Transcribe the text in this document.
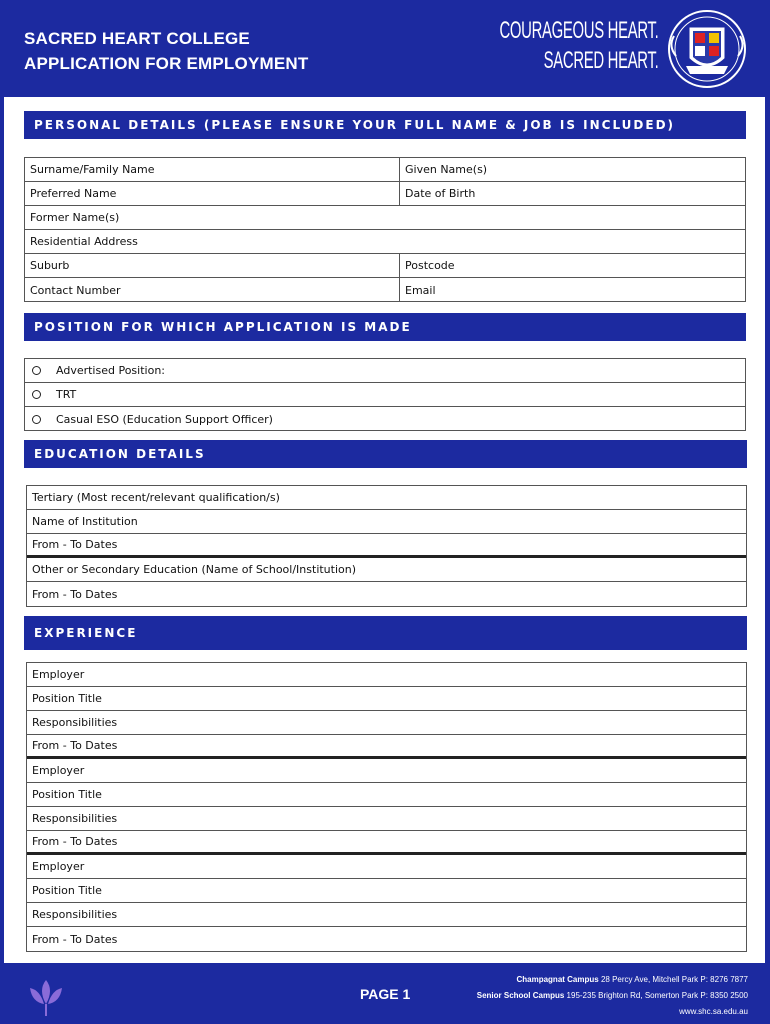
SACRED HEART COLLEGE
APPLICATION FOR EMPLOYMENT
COURAGEOUS HEART.
SACRED HEART.
PERSONAL DETAILS (PLEASE ENSURE YOUR FULL NAME & JOB IS INCLUDED)
Surname/Family Name	Given Name(s)
Preferred Name	Date of Birth
Former Name(s)
Residential Address
Suburb	Postcode
Contact Number	Email
POSITION FOR WHICH APPLICATION IS MADE
Advertised Position:
TRT
Casual ESO (Education Support Officer)
EDUCATION DETAILS
Tertiary (Most recent/relevant qualification/s)
Name of Institution
From - To Dates
Other or Secondary Education (Name of School/Institution)
From - To Dates
EXPERIENCE
Employer
Position Title
Responsibilities
From - To Dates
Employer
Position Title
Responsibilities
From - To Dates
Employer
Position Title
Responsibilities
From - To Dates
PAGE 1
Champagnat Campus 28 Percy Ave, Mitchell Park P: 8276 7877
Senior School Campus 195-235 Brighton Rd, Somerton Park P: 8350 2500
www.shc.sa.edu.au
